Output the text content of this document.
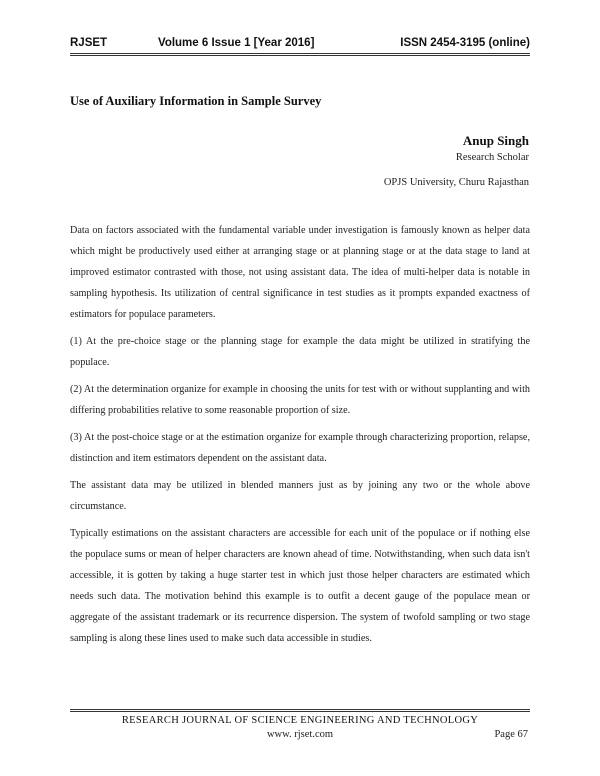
RJSET	Volume 6 Issue 1 [Year 2016]	ISSN 2454-3195 (online)
Use of Auxiliary Information in Sample Survey
Anup Singh
Research Scholar
OPJS University, Churu Rajasthan

Data on factors associated with the fundamental variable under investigation is famously known as helper data which might be productively used either at arranging stage or at planning stage or at the data stage to land at improved estimator contrasted with those, not using assistant data. The idea of multi-helper data is notable in sampling hypothesis. Its utilization of central significance in test studies as it prompts expanded exactness of estimators for populace parameters.

(1) At the pre-choice stage or the planning stage for example the data might be utilized in stratifying the populace.

(2) At the determination organize for example in choosing the units for test with or without supplanting and with differing probabilities relative to some reasonable proportion of size.

(3) At the post-choice stage or at the estimation organize for example through characterizing proportion, relapse, distinction and item estimators dependent on the assistant data.

The assistant data may be utilized in blended manners just as by joining any two or the whole above circumstance.

Typically estimations on the assistant characters are accessible for each unit of the populace or if nothing else the populace sums or mean of helper characters are known ahead of time. Notwithstanding, when such data isn't accessible, it is gotten by taking a huge starter test in which just those helper characters are estimated which needs such data. The motivation behind this example is to outfit a decent gauge of the populace mean or aggregate of the assistant trademark or its recurrence dispersion. The system of twofold sampling or two stage sampling is along these lines used to make such data accessible in studies.

RESEARCH JOURNAL OF SCIENCE ENGINEERING AND TECHNOLOGY
www. rjset.com	Page 67
